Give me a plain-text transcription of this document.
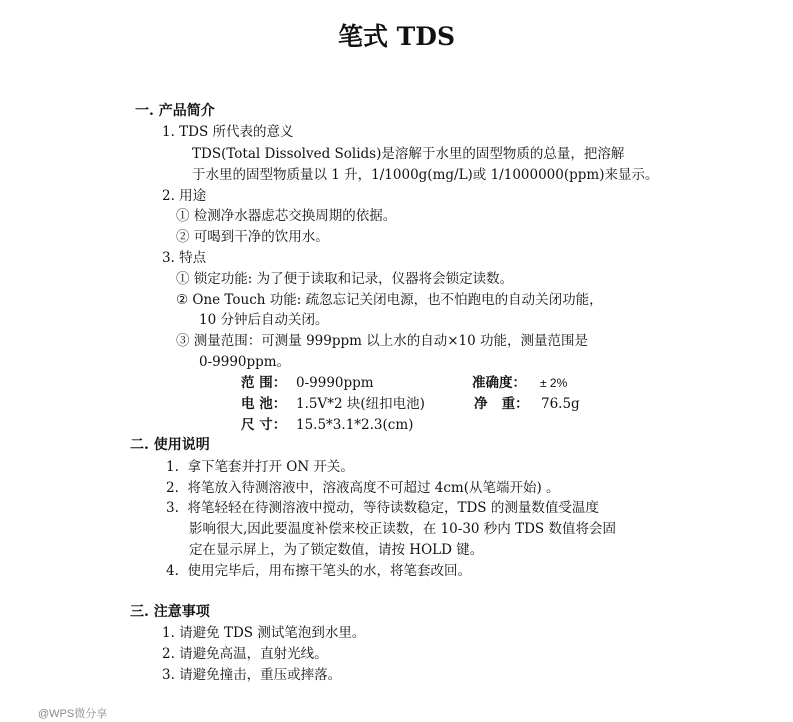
笔式 TDS
一. 产品简介
1. TDS 所代表的意义
TDS(Total Dissolved Solids)是溶解于水里的固型物质的总量，把溶解
于水里的固型物质量以 1 升，1/1000g(mg/L)或 1/1000000(ppm)来显示。
2. 用途
① 检测净水器虑芯交换周期的依据。
② 可喝到干净的饮用水。
3. 特点
① 锁定功能: 为了便于读取和记录，仪器将会锁定读数。
② One Touch 功能: 疏忽忘记关闭电源，也不怕跑电的自动关闭功能，
10 分钟后自动关闭。
③ 测量范围：可测量 999ppm 以上水的自动×10 功能，测量范围是
0-9990ppm。
范 围： 0-9990ppm	准确度： ± 2%
电 池： 1.5V*2 块(纽扣电池)	净   重： 76.5g
尺 寸： 15.5*3.1*2.3(cm)
二. 使用说明
1.  拿下笔套并打开 ON 开关。
2.  将笔放入待测溶液中，溶液高度不可超过 4cm(从笔端开始) 。
3.  将笔轻轻在待测溶液中搅动，等待读数稳定，TDS 的测量数值受温度
影响很大,因此要温度补偿来校正读数，在 10-30 秒内 TDS 数值将会固
定在显示屏上，为了锁定数值，请按 HOLD 键。
4.  使用完毕后，用布擦干笔头的水，将笔套改回。
三. 注意事项
1. 请避免 TDS 测试笔泡到水里。
2. 请避免高温，直射光线。
3. 请避免撞击，重压或摔落。
@WPS微分享
